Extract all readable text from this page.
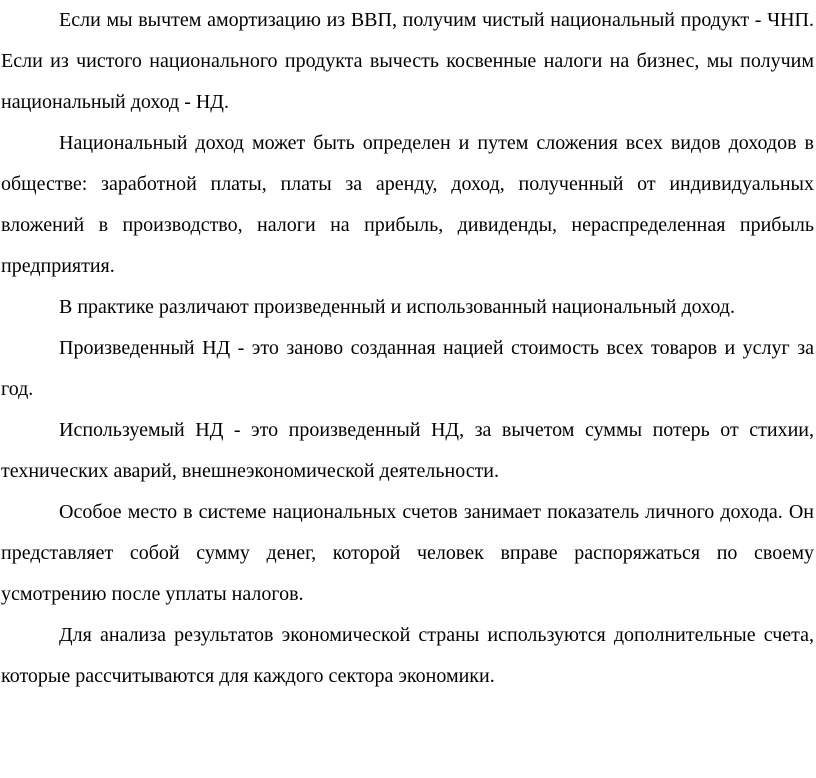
Если мы вычтем амортизацию из ВВП, получим чистый национальный продукт - ЧНП. Если из чистого национального продукта вычесть косвенные налоги на бизнес, мы получим национальный доход - НД.

Национальный доход может быть определен и путем сложения всех видов доходов в обществе: заработной платы, платы за аренду, доход, полученный от индивидуальных вложений в производство, налоги на прибыль, дивиденды, нераспределенная прибыль предприятия.

В практике различают произведенный и использованный национальный доход.

Произведенный НД - это заново созданная нацией стоимость всех товаров и услуг за год.

Используемый НД - это произведенный НД, за вычетом суммы потерь от стихии, технических аварий, внешнеэкономической деятельности.

Особое место в системе национальных счетов занимает показатель личного дохода. Он представляет собой сумму денег, которой человек вправе распоряжаться по своему усмотрению после уплаты налогов.

Для анализа результатов экономической страны используются дополнительные счета, которые рассчитываются для каждого сектора экономики.
